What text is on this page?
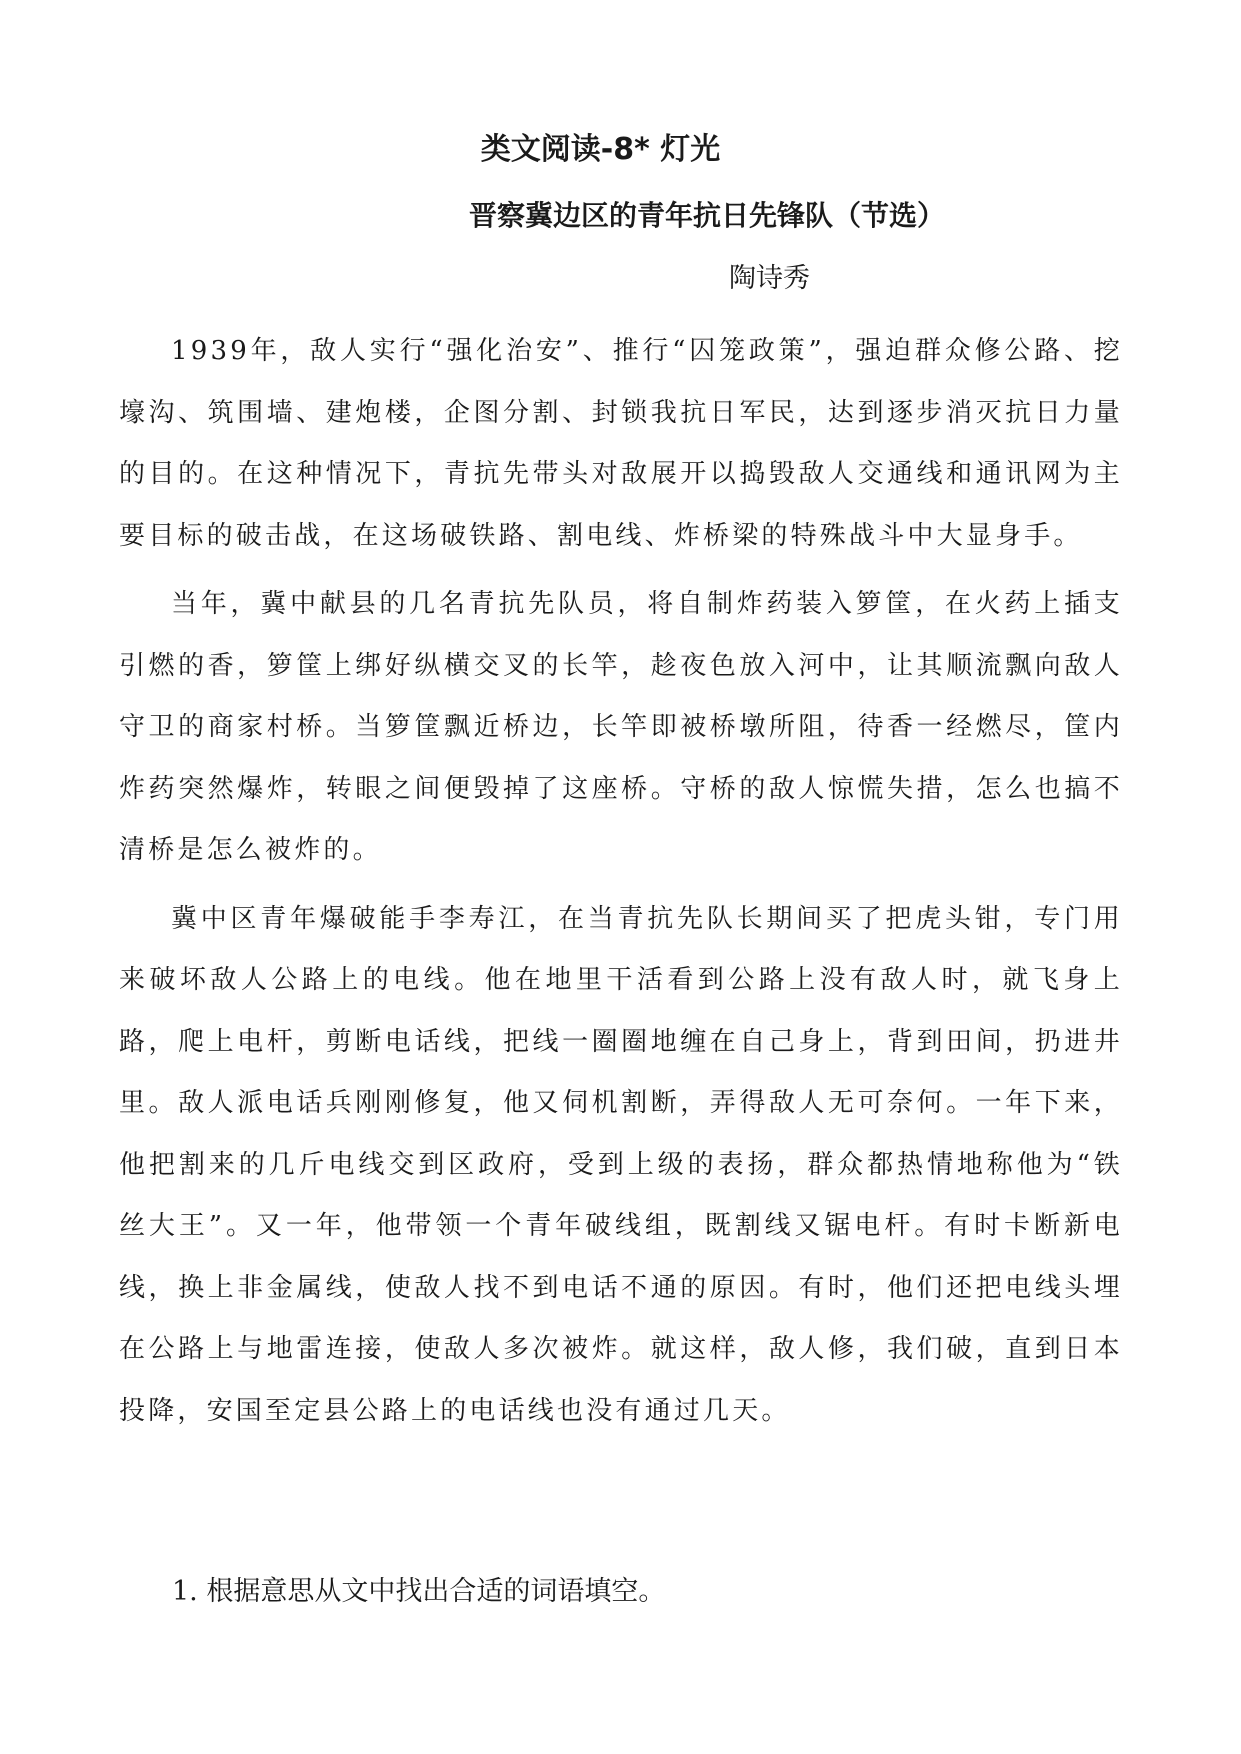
类文阅读-8* 灯光
晋察冀边区的青年抗日先锋队（节选）
陶诗秀

1939年，敌人实行“强化治安”、推行“囚笼政策”，强迫群众修公路、挖壕沟、筑围墙、建炮楼，企图分割、封锁我抗日军民，达到逐步消灭抗日力量的目的。在这种情况下，青抗先带头对敌展开以捣毁敌人交通线和通讯网为主要目标的破击战，在这场破铁路、割电线、炸桥梁的特殊战斗中大显身手。

当年，冀中献县的几名青抗先队员，将自制炸药装入箩筐，在火药上插支引燃的香，箩筐上绑好纵横交叉的长竿，趁夜色放入河中，让其顺流飘向敌人守卫的商家村桥。当箩筐飘近桥边，长竿即被桥墩所阻，待香一经燃尽，筐内炸药突然爆炸，转眼之间便毁掉了这座桥。守桥的敌人惊慌失措，怎么也搞不清桥是怎么被炸的。

冀中区青年爆破能手李寿江，在当青抗先队长期间买了把虎头钳，专门用来破坏敌人公路上的电线。他在地里干活看到公路上没有敌人时，就飞身上路，爬上电杆，剪断电话线，把线一圈圈地缠在自己身上，背到田间，扔进井里。敌人派电话兵刚刚修复，他又伺机割断，弄得敌人无可奈何。一年下来，他把割来的几斤电线交到区政府，受到上级的表扬，群众都热情地称他为“铁丝大王”。又一年，他带领一个青年破线组，既割线又锯电杆。有时卡断新电线，换上非金属线，使敌人找不到电话不通的原因。有时，他们还把电线头埋在公路上与地雷连接，使敌人多次被炸。就这样，敌人修，我们破，直到日本投降，安国至定县公路上的电话线也没有通过几天。

1. 根据意思从文中找出合适的词语填空。
